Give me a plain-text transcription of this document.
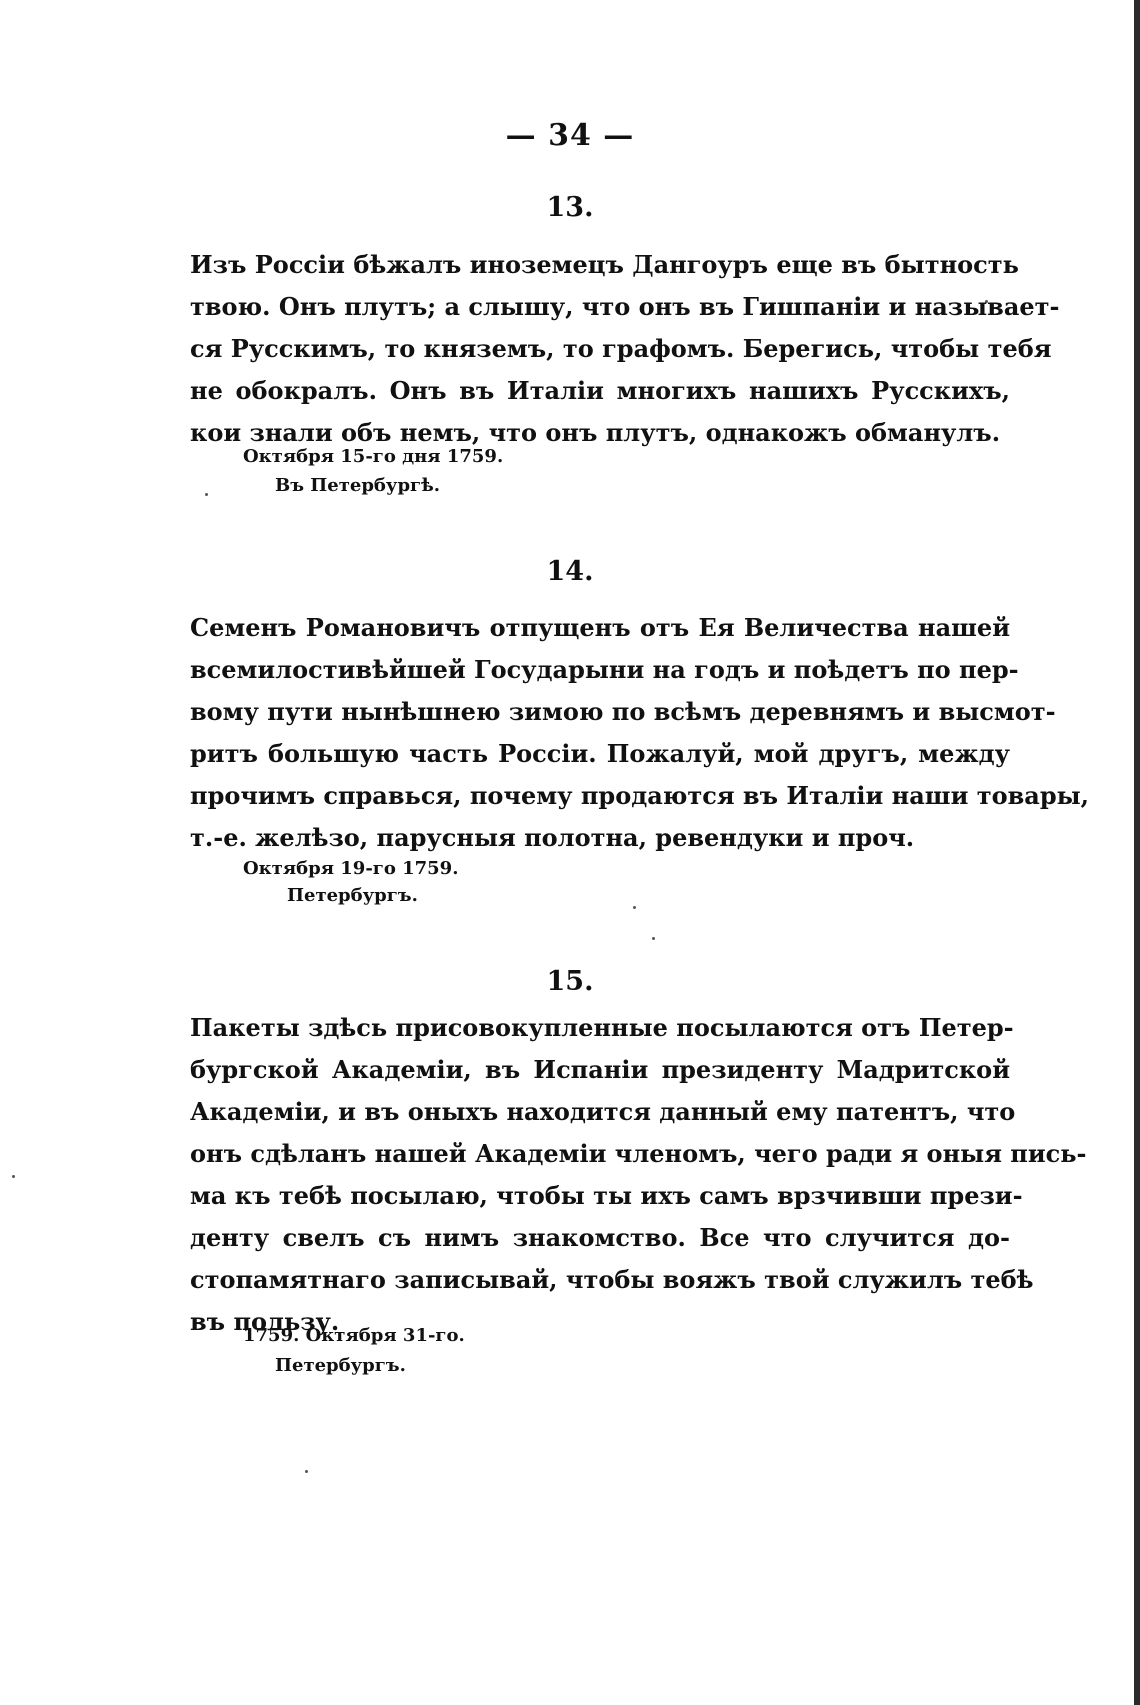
— 34 —
13.
Изъ Россіи бѣжалъ иноземецъ Дангоуръ еще въ бытность
твою. Онъ плутъ; а слышу, что онъ въ Гишпаніи и называет-
ся Русскимъ, то княземъ, то графомъ. Берегись, чтобы тебя
не обокралъ. Онъ въ Италіи многихъ нашихъ Русскихъ,
кои знали объ немъ, что онъ плутъ, однакожъ обманулъ.
Октября 15-го дня 1759.
Въ Петербургѣ.
14.
Семенъ Романовичъ отпущенъ отъ Ея Величества нашей
всемилостивѣйшей Государыни на годъ и поѣдетъ по пер-
вому пути нынѣшнею зимою по всѣмъ деревнямъ и высмот-
ритъ большую часть Россіи. Пожалуй, мой другъ, между
прочимъ справься, почему продаются въ Италіи наши товары,
т.-е. желѣзо, парусныя полотна, ревендуки и проч.
Октября 19-го 1759.
Петербургъ.
15.
Пакеты здѣсь присовокупленные посылаются отъ Петер-
бургской Академіи, въ Испаніи президенту Мадритской
Академіи, и въ оныхъ находится данный ему патентъ, что
онъ сдѣланъ нашей Академіи членомъ, чего ради я оныя пись-
ма къ тебѣ посылаю, чтобы ты ихъ самъ врзчивши прези-
денту свелъ съ нимъ знакомство. Все что случится до-
стопамятнаго записывай, чтобы вояжъ твой служилъ тебѣ
въ пользу.
1759. Октября 31-го.
Петербургъ.
